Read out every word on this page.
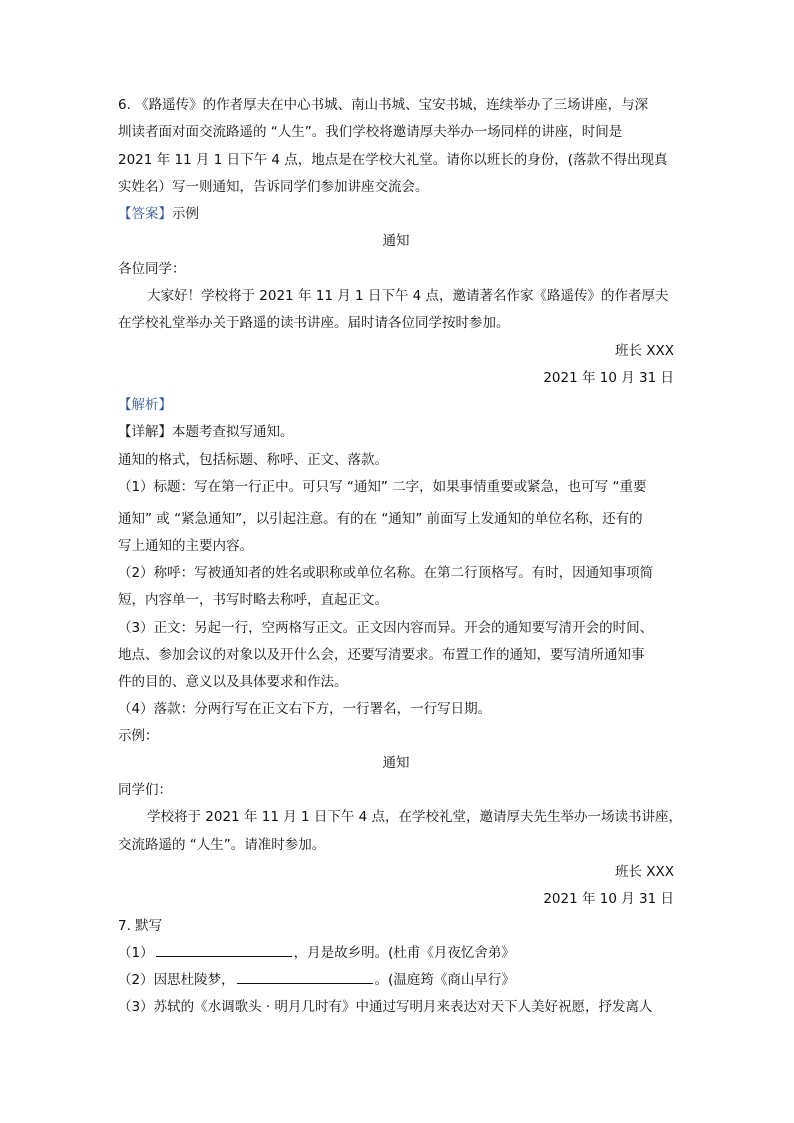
6. 《路遥传》的作者厚夫在中心书城、南山书城、宝安书城，连续举办了三场讲座，与深
圳读者面对面交流路遥的 “人生”。我们学校将邀请厚夫举办一场同样的讲座，时间是
2021 年 11 月 1 日下午 4 点，地点是在学校大礼堂。请你以班长的身份，(落款不得出现真
实姓名）写一则通知，告诉同学们参加讲座交流会。
【答案】示例
通知
各位同学：
大家好！学校将于 2021 年 11 月 1 日下午 4 点，邀请著名作家《路遥传》的作者厚夫
在学校礼堂举办关于路遥的读书讲座。届时请各位同学按时参加。
班长 XXX
2021 年 10 月 31 日
【解析】
【详解】本题考查拟写通知。
通知的格式，包括标题、称呼、正文、落款。
（1）标题：写在第一行正中。可只写 “通知” 二字，如果事情重要或紧急，也可写 “重要
通知” 或 “紧急通知”，以引起注意。有的在 “通知” 前面写上发通知的单位名称，还有的
写上通知的主要内容。
（2）称呼：写被通知者的姓名或职称或单位名称。在第二行顶格写。有时，因通知事项简
短，内容单一，书写时略去称呼，直起正文。
（3）正文：另起一行，空两格写正文。正文因内容而异。开会的通知要写清开会的时间、
地点、参加会议的对象以及开什么会，还要写清要求。布置工作的通知，要写清所通知事
件的目的、意义以及具体要求和作法。
（4）落款：分两行写在正文右下方，一行署名，一行写日期。
示例：
通知
同学们：
学校将于 2021 年 11 月 1 日下午 4 点，在学校礼堂，邀请厚夫先生举办一场读书讲座，
交流路遥的 “人生”。请准时参加。
班长 XXX
2021 年 10 月 31 日
7. 默写
（1）	，月是故乡明。(杜甫《月夜忆舍弟》
（2）因思杜陵梦，	。(温庭筠《商山早行》
（3）苏轼的《水调歌头 · 明月几时有》中通过写明月来表达对天下人美好祝愿，抒发离人
